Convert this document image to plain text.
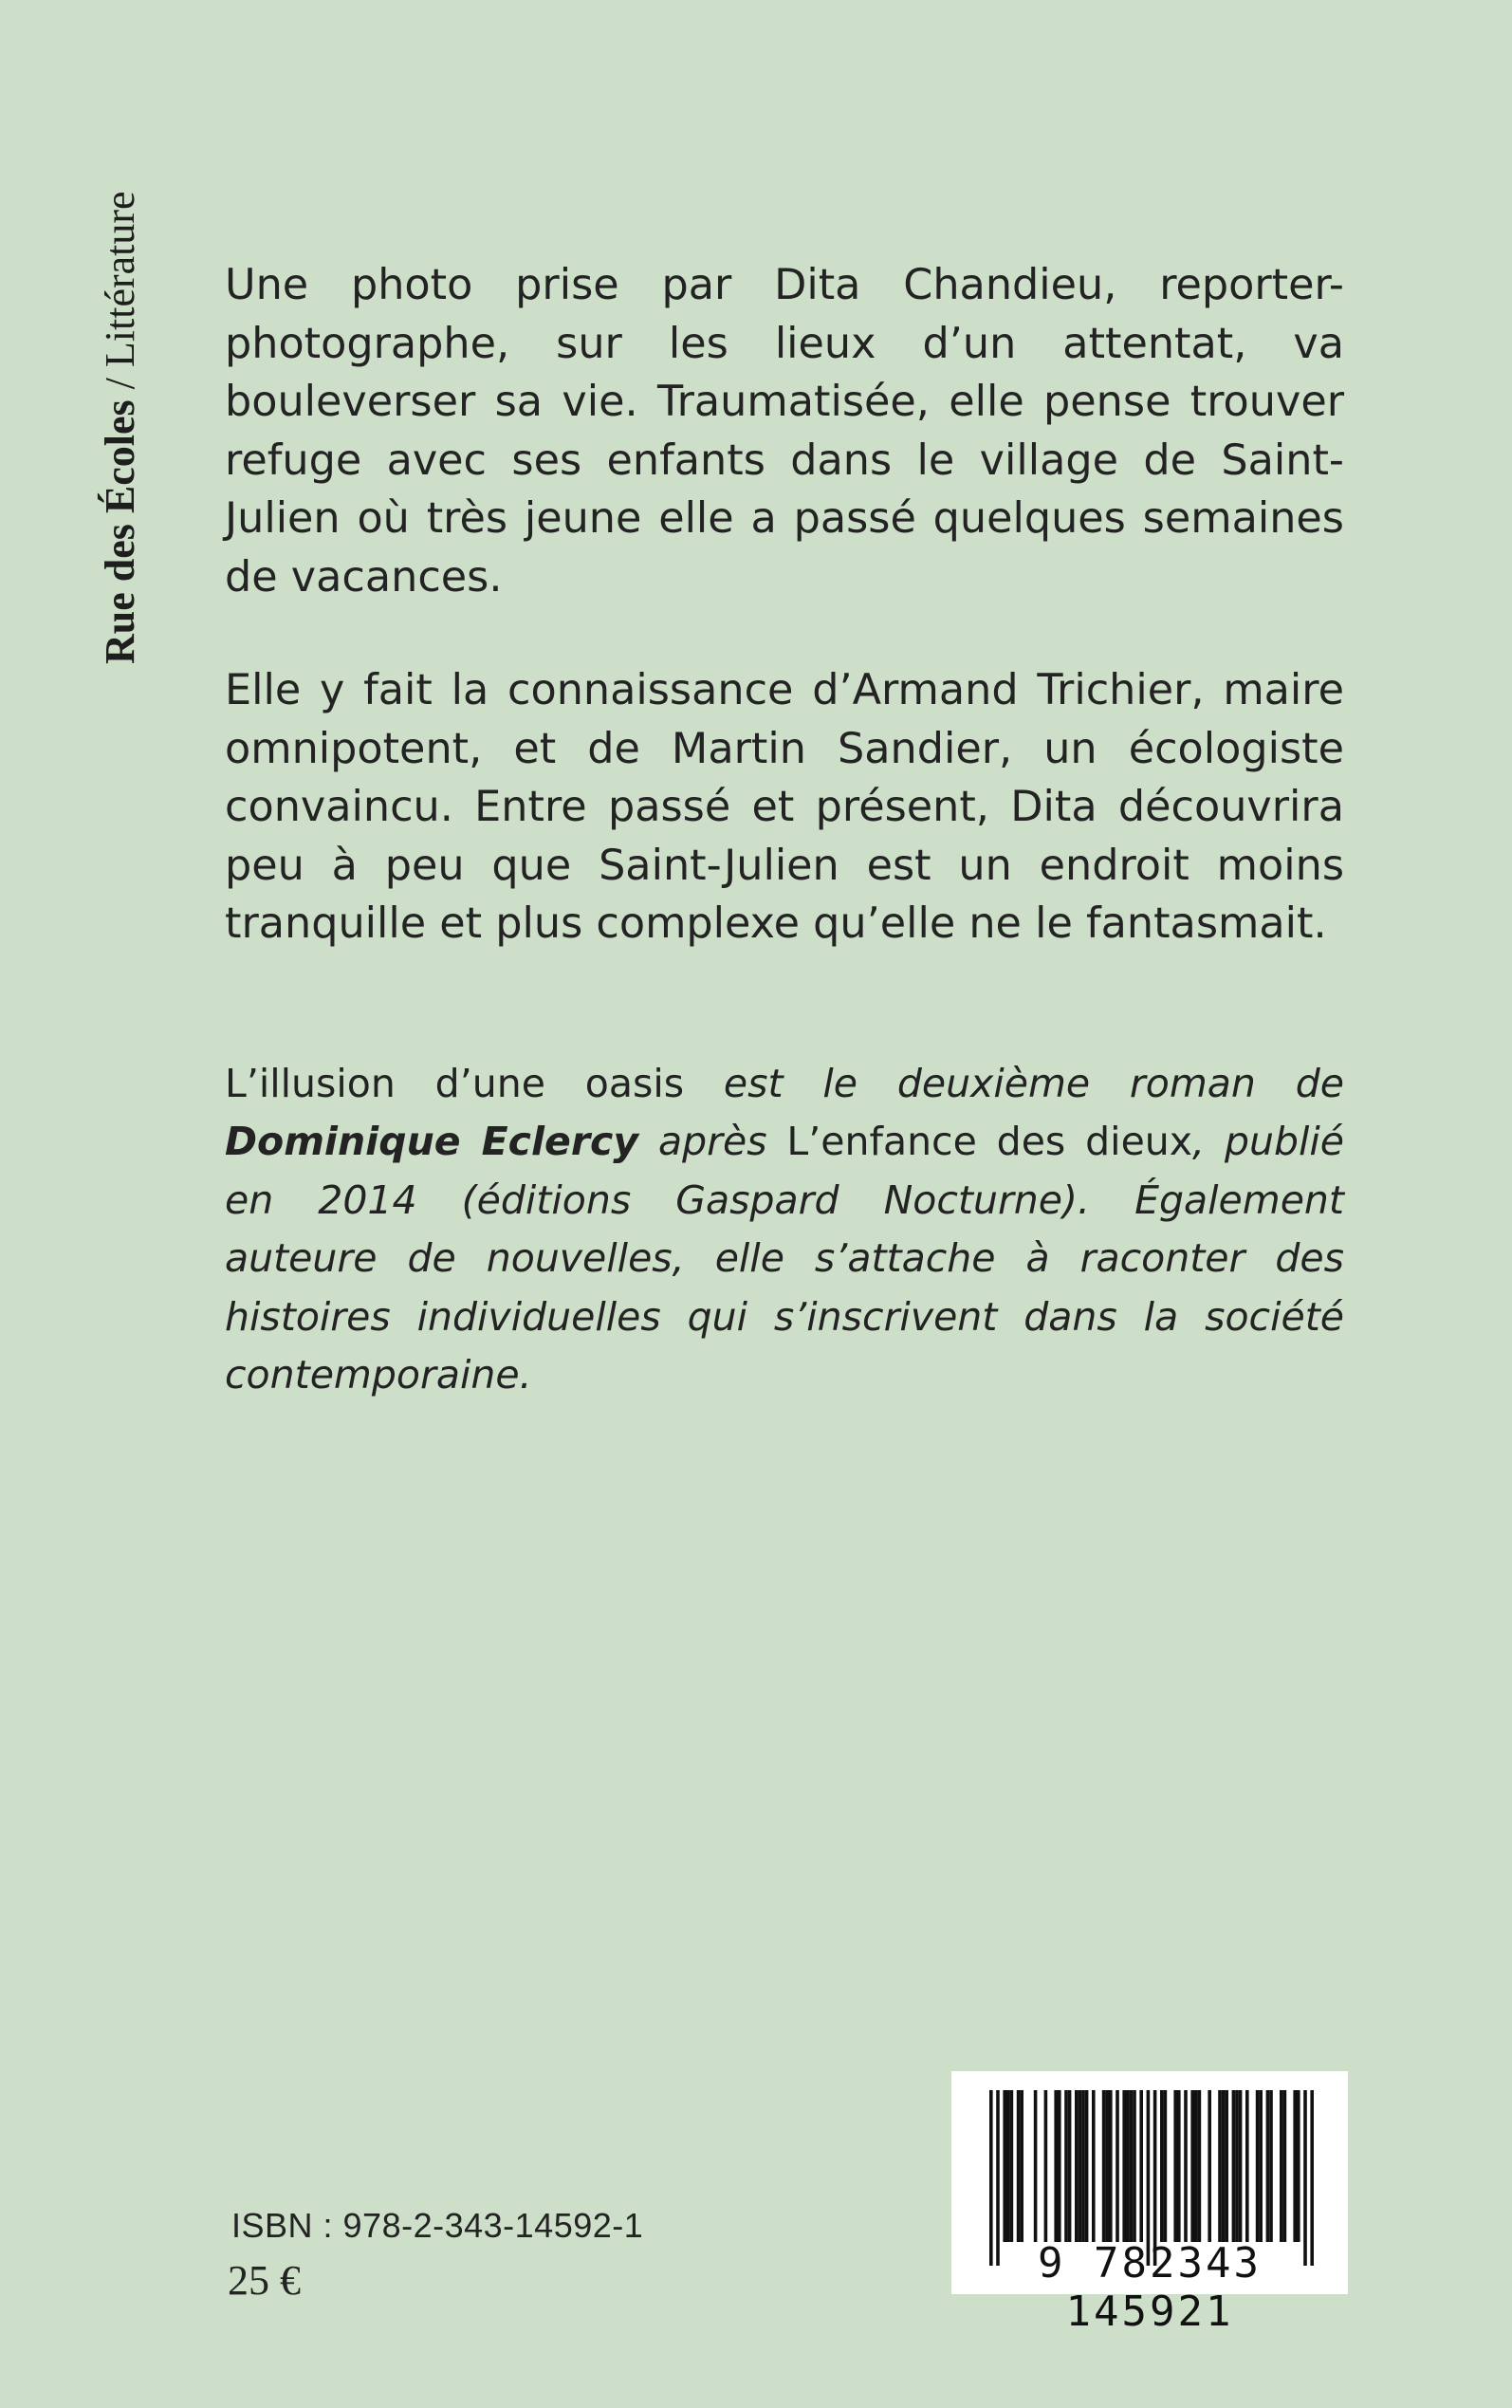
Rue des Écoles / Littérature Une photo prise par Dita Chandieu, reporter-photographe, sur les lieux d’un attentat, va bouleverser sa vie. Traumatisée, elle pense trouver refuge avec ses enfants dans le village de Saint-Julien où très jeune elle a passé quelques semaines de vacances.

Elle y fait la connaissance d’Armand Trichier, maire omnipotent, et de Martin Sandier, un écologiste convaincu. Entre passé et présent, Dita découvrira peu à peu que Saint-Julien est un endroit moins tranquille et plus complexe qu’elle ne le fantasmait.

L’illusion d’une oasis est le deuxième roman de Dominique Eclercy après L’enfance des dieux, publié en 2014 (éditions Gaspard Nocturne). Également auteure de nouvelles, elle s’attache à raconter des histoires individuelles qui s’inscrivent dans la société contemporaine.

ISBN : 978-2-343-14592-1
25 €	9 782343 145921
